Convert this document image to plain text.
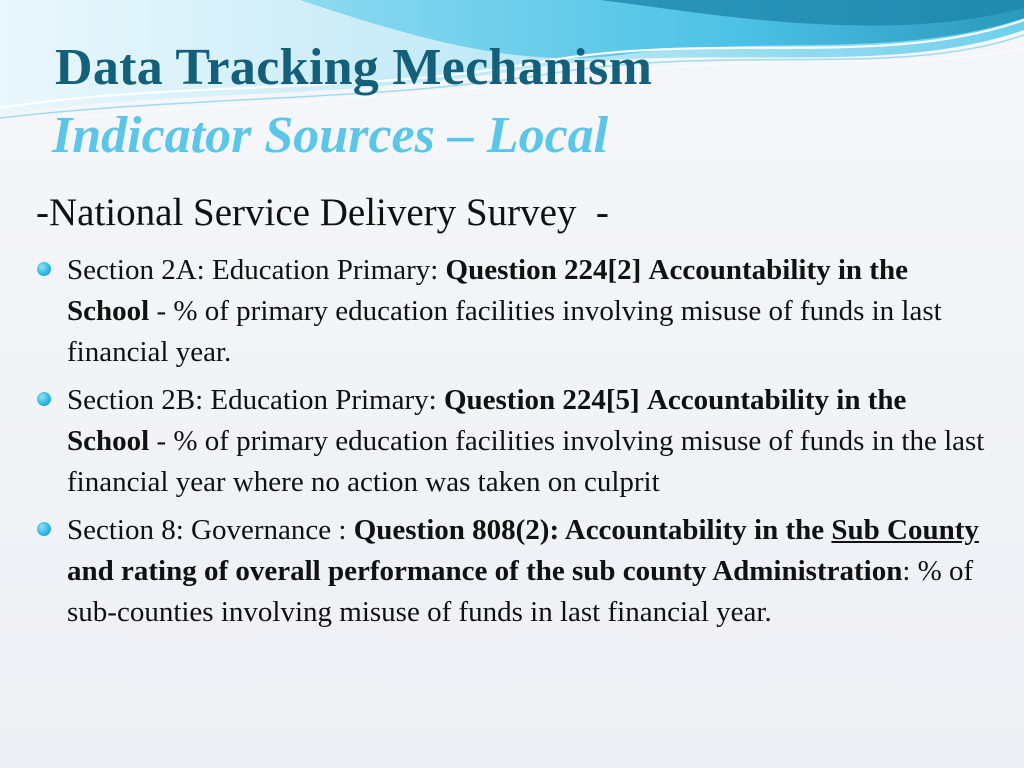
Data Tracking Mechanism
Indicator Sources – Local

-National Service Delivery Survey  -

Section 2A: Education Primary: Question 224[2] Accountability in the School - % of primary education facilities involving misuse of funds in last financial year.
Section 2B: Education Primary: Question 224[5] Accountability in the School - % of primary education facilities involving misuse of funds in the last financial year where no action was taken on culprit
Section 8: Governance : Question 808(2): Accountability in the Sub County and rating of overall performance of the sub county Administration: % of sub-counties involving misuse of funds in last financial year.
